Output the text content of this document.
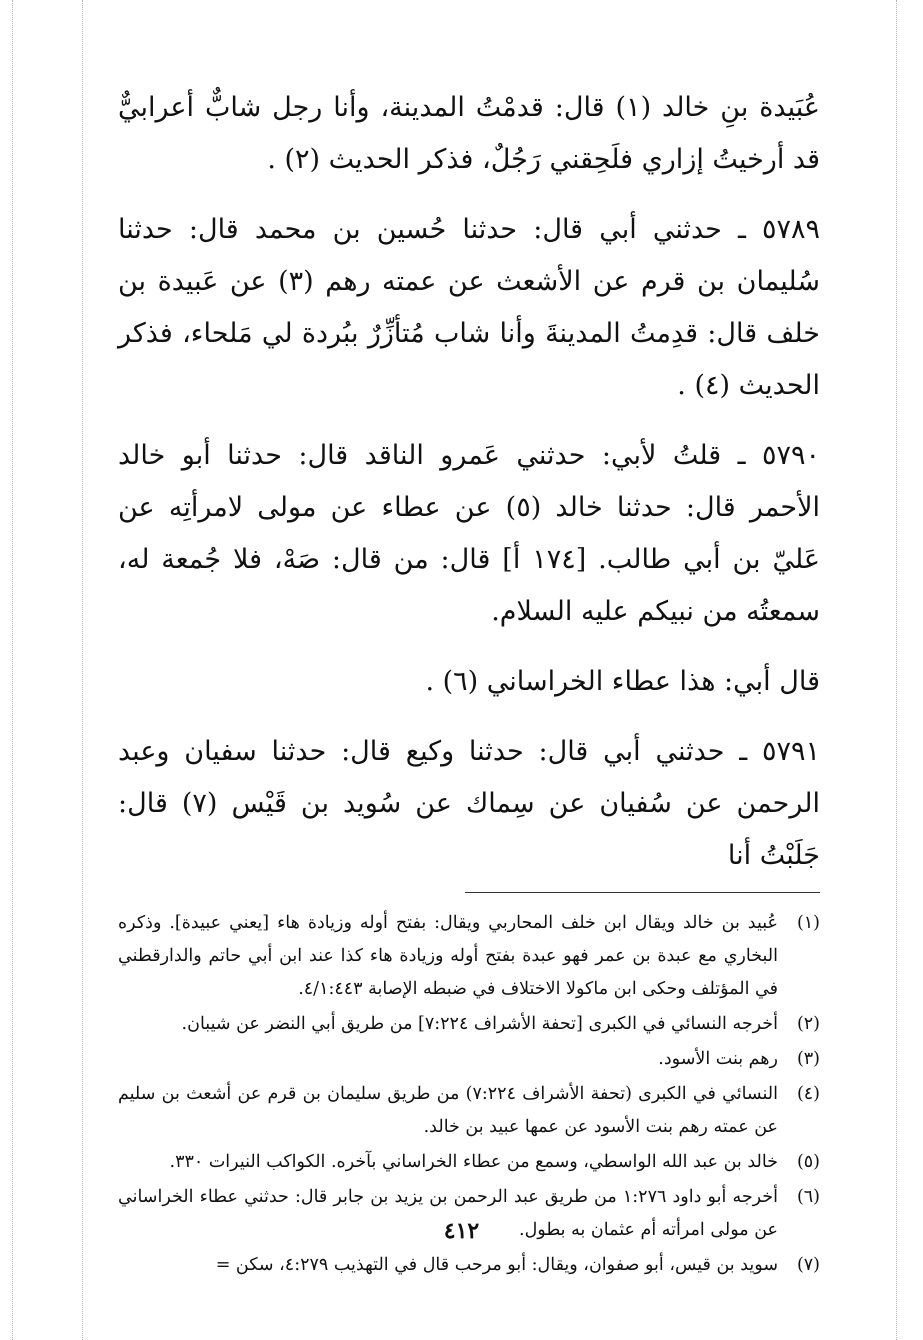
عُبَيدة بنِ خالد (١) قال: قدمْتُ المدينة، وأنا رجل شابٌّ أعرابيٌّ قد أرخيتُ إزاري فلَحِقني رَجُلٌ، فذكر الحديث (٢) .

٥٧٨٩ ـ حدثني أبي قال: حدثنا حُسين بن محمد قال: حدثنا سُليمان بن قرم عن الأشعث عن عمته رهم (٣) عن عَبيدة بن خلف قال: قدِمتُ المدينةَ وأنا شاب مُتأزِّرٌ ببُردة لي مَلحاء، فذكر الحديث (٤) .

٥٧٩٠ ـ قلتُ لأبي: حدثني عَمرو الناقد قال: حدثنا أبو خالد الأحمر قال: حدثنا خالد (٥) عن عطاء عن مولى لامرأتِه عن عَليّ بن أبي طالب. [١٧٤ أ] قال: من قال: صَهْ، فلا جُمعة له، سمعتُه من نبيكم عليه السلام.

قال أبي: هذا عطاء الخراساني (٦) .

٥٧٩١ ـ حدثني أبي قال: حدثنا وكيع قال: حدثنا سفيان وعبد الرحمن عن سُفيان عن سِماك عن سُويد بن قَيْس (٧) قال: جَلَبْتُ أنا

(١)
عُبيد بن خالد ويقال ابن خلف المحاربي ويقال: بفتح أوله وزيادة هاء [يعني عبيدة]. وذكره البخاري مع عبدة بن عمر فهو عبدة بفتح أوله وزيادة هاء كذا عند ابن أبي حاتم والدارقطني في المؤتلف وحكى ابن ماكولا الاختلاف في ضبطه الإصابة ٤/١:٤٤٣.
(٢)
أخرجه النسائي في الكبرى [تحفة الأشراف ٧:٢٢٤] من طريق أبي النضر عن شيبان.
(٣)
رهم بنت الأسود.
(٤)
النسائي في الكبرى (تحفة الأشراف ٧:٢٢٤) من طريق سليمان بن قرم عن أشعث بن سليم عن عمته رهم بنت الأسود عن عمها عبيد بن خالد.
(٥)
خالد بن عبد الله الواسطي، وسمع من عطاء الخراساني بآخره. الكواكب النيرات ٣٣٠.
(٦)
أخرجه أبو داود ١:٢٧٦ من طريق عبد الرحمن بن يزيد بن جابر قال: حدثني عطاء الخراساني عن مولى امرأته أم عثمان به بطول.
(٧)
سويد بن قيس، أبو صفوان، ويقال: أبو مرحب قال في التهذيب ٤:٢٧٩، سكن =
٤١٢
